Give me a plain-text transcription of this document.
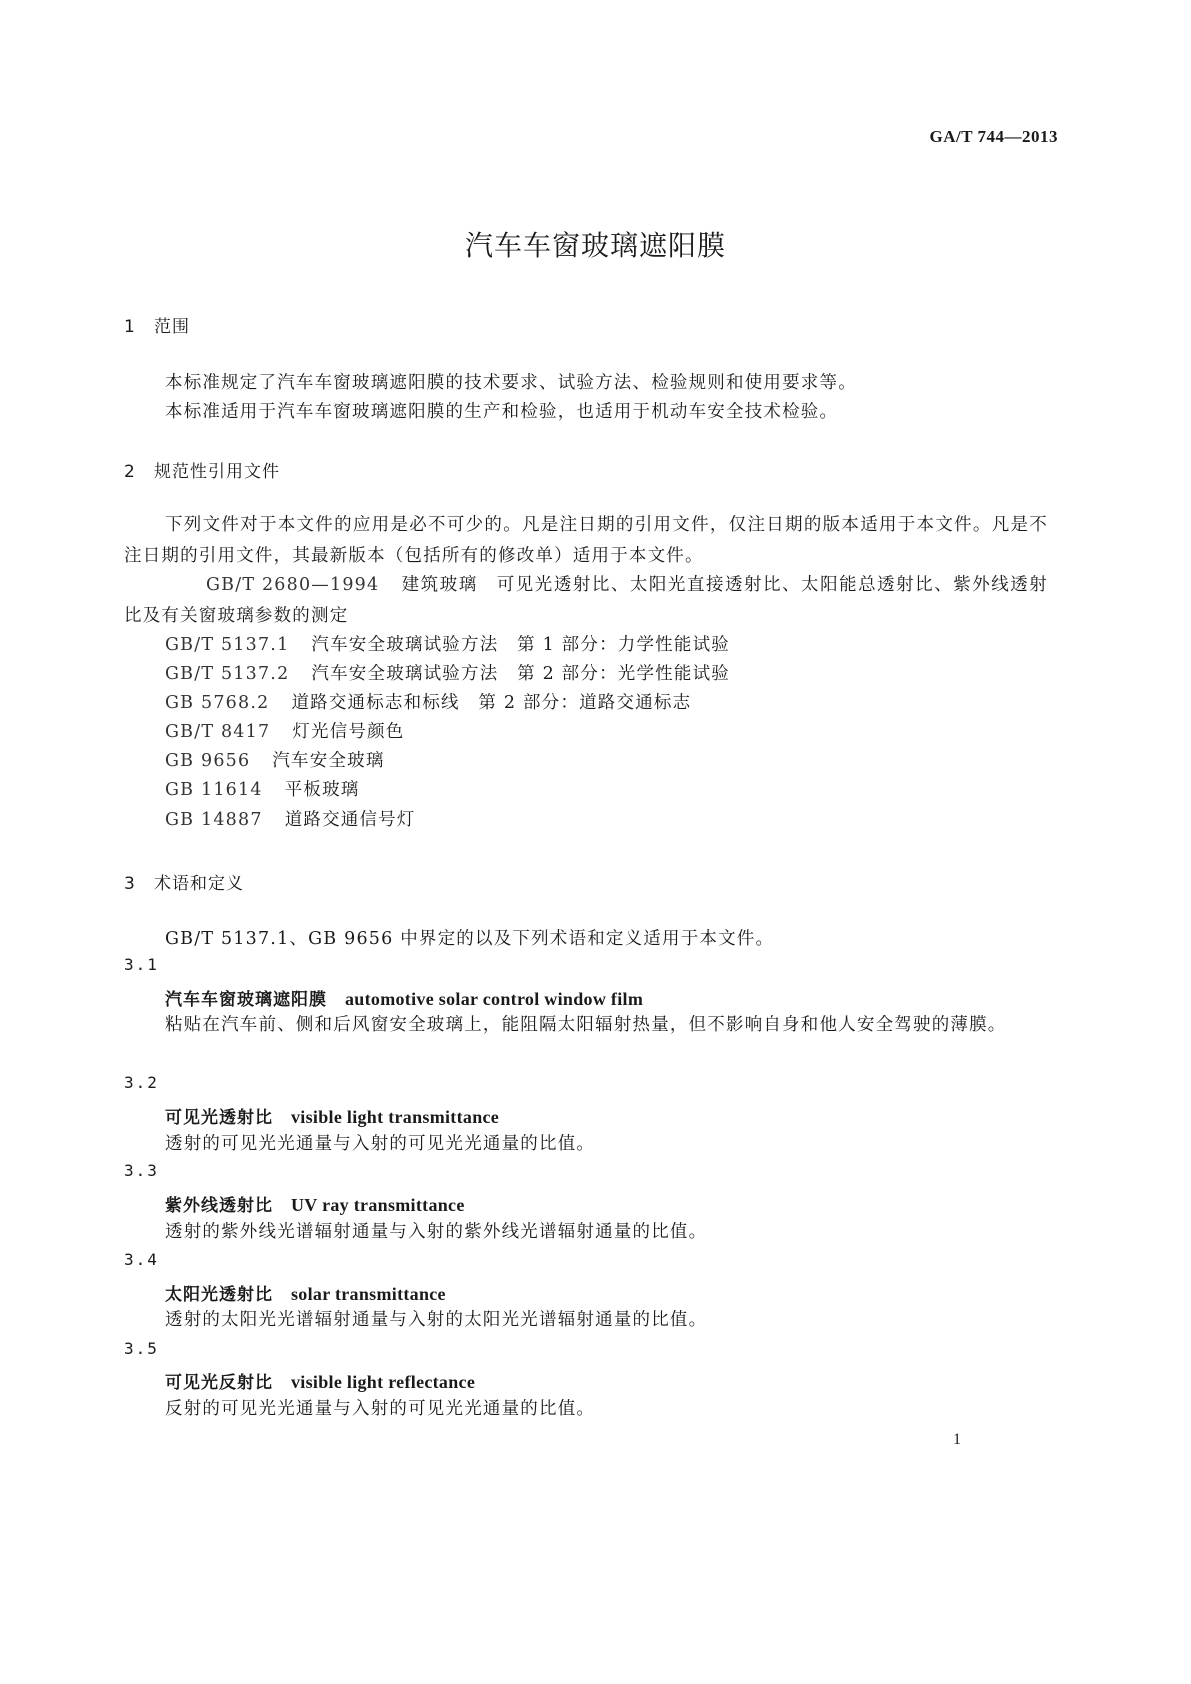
GA/T 744—2013
汽车车窗玻璃遮阳膜
1 范围
本标准规定了汽车车窗玻璃遮阳膜的技术要求、试验方法、检验规则和使用要求等。
本标准适用于汽车车窗玻璃遮阳膜的生产和检验，也适用于机动车安全技术检验。
2 规范性引用文件
下列文件对于本文件的应用是必不可少的。凡是注日期的引用文件，仅注日期的版本适用于本文件。凡是不注日期的引用文件，其最新版本（包括所有的修改单）适用于本文件。
GB/T 2680—1994 建筑玻璃　可见光透射比、太阳光直接透射比、太阳能总透射比、紫外线透射比及有关窗玻璃参数的测定
GB/T 5137.1 汽车安全玻璃试验方法　第 1 部分：力学性能试验
GB/T 5137.2 汽车安全玻璃试验方法　第 2 部分：光学性能试验
GB 5768.2 道路交通标志和标线　第 2 部分：道路交通标志
GB/T 8417 灯光信号颜色
GB 9656 汽车安全玻璃
GB 11614 平板玻璃
GB 14887 道路交通信号灯
3 术语和定义
GB/T 5137.1、GB 9656 中界定的以及下列术语和定义适用于本文件。
3.1
汽车车窗玻璃遮阳膜 automotive solar control window film
粘贴在汽车前、侧和后风窗安全玻璃上，能阻隔太阳辐射热量，但不影响自身和他人安全驾驶的薄膜。
3.2
可见光透射比 visible light transmittance
透射的可见光光通量与入射的可见光光通量的比值。
3.3
紫外线透射比 UV ray transmittance
透射的紫外线光谱辐射通量与入射的紫外线光谱辐射通量的比值。
3.4
太阳光透射比 solar transmittance
透射的太阳光光谱辐射通量与入射的太阳光光谱辐射通量的比值。
3.5
可见光反射比 visible light reflectance
反射的可见光光通量与入射的可见光光通量的比值。
1
